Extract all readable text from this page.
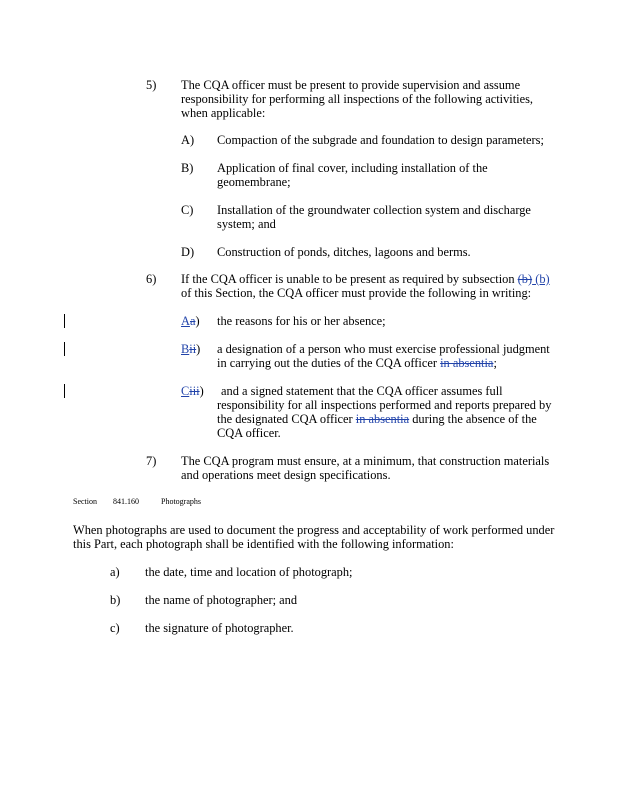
5) The CQA officer must be present to provide supervision and assume
responsibility for performing all inspections of the following activities,
when applicable:
A) Compaction of the subgrade and foundation to design parameters;
B) Application of final cover, including installation of the
geomembrane;
C) Installation of the groundwater collection system and discharge
system; and
D) Construction of ponds, ditches, lagoons and berms.
6) If the CQA officer is unable to be present as required by subsection (b) (b)
of this Section, the CQA officer must provide the following in writing:
Aa) the reasons for his or her absence;
Bii) a designation of a person who must exercise professional judgment
in carrying out the duties of the CQA officer in absentia;
Ciii) and a signed statement that the CQA officer assumes full
responsibility for all inspections performed and reports prepared by
the designated CQA officer in absentia during the absence of the
CQA officer.
7) The CQA program must ensure, at a minimum, that construction materials
and operations meet design specifications.
Section 841.160	Photographs
When photographs are used to document the progress and acceptability of work performed under
this Part, each photograph shall be identified with the following information:
a) the date, time and location of photograph;
b) the name of photographer; and
c) the signature of photographer.
